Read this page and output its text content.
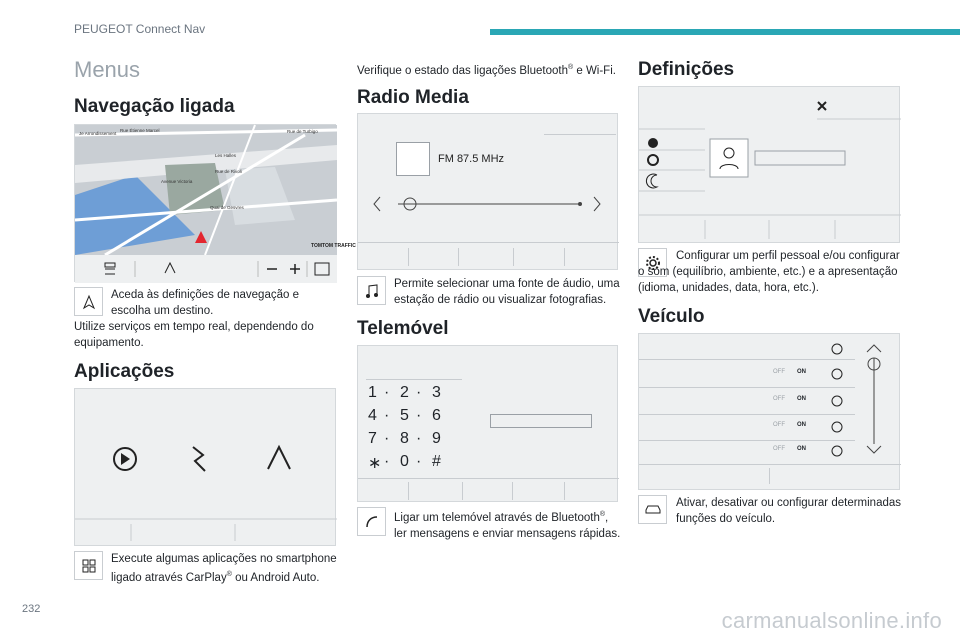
PEUGEOT Connect Nav
232
Menus
Navegação ligada
Je Arrondissement
Rue Étienne Marcel	Rue de Turbigo
Les Halles
Rue de Rivoli
Avenue Victoria
Quai de Gesvres
TOMTOM TRAFFIC
Aceda às definições de navegação e escolha um destino.
Utilize serviços em tempo real, dependendo do equipamento.
Aplicações
Execute algumas aplicações no smartphone
ligado através CarPlay® ou Android Auto.
Verifique o estado das ligações Bluetooth® e Wi-Fi.
Radio Media
FM 87.5 MHz
Permite selecionar uma fonte de áudio, uma estação de rádio ou visualizar fotografias.
Telemóvel
1 · 2 · 3
4 · 5 · 6
7 · 8 · 9
∗ · 0 · #
Ligar um telemóvel através de Bluetooth®, ler mensagens e enviar mensagens rápidas.
Definições
Configurar um perfil pessoal e/ou configurar o som (equilíbrio, ambiente, etc.) e a apresentação (idioma, unidades, data, hora, etc.).
Veículo
OFF ON
OFF ON
OFF ON
OFF ON
Ativar, desativar ou configurar determinadas funções do veículo.
carmanualsonline.info
